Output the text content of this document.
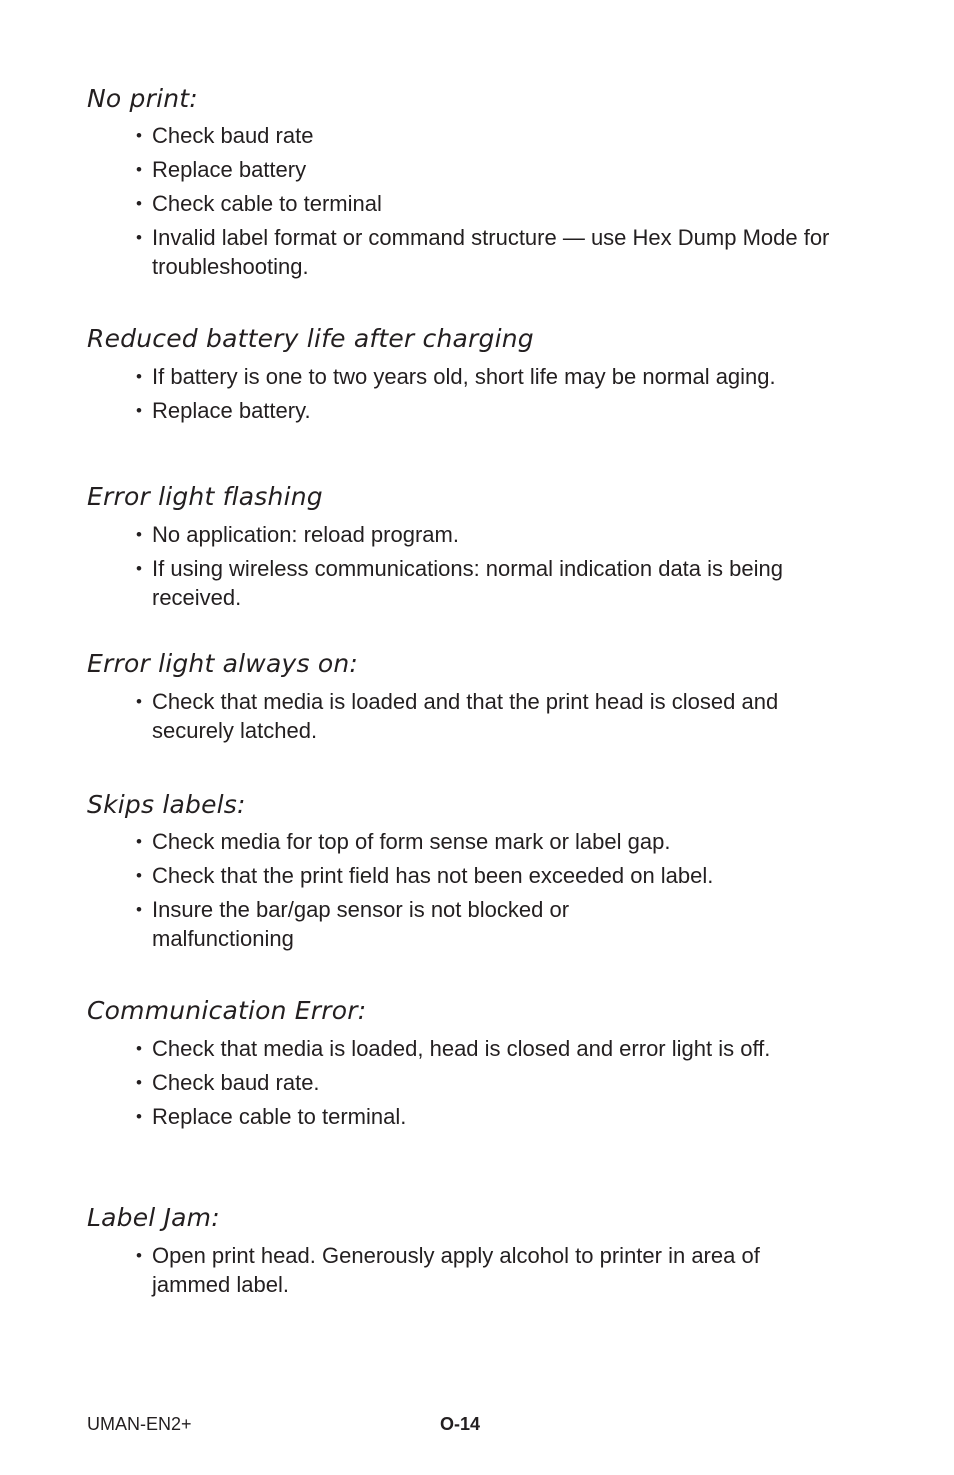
No print:
• Check baud rate
• Replace battery
• Check cable to terminal
• Invalid label format or command structure — use Hex Dump Mode for troubleshooting.
Reduced battery life after charging
• If battery is one to two years old, short life may be normal aging.
• Replace battery.
Error light flashing
• No application: reload program.
• If using wireless communications: normal indication data is being received.
Error light always on:
• Check that media is loaded and that the print head is closed and securely latched.
Skips labels:
• Check media for top of form sense mark or label gap.
• Check that the print field has not been exceeded on label.
• Insure the bar/gap sensor is not blocked or malfunctioning
Communication Error:
• Check that media is loaded, head is closed and error light is off.
• Check baud rate.
• Replace cable to terminal.
Label Jam:
• Open print head. Generously apply alcohol to printer in area of jammed label.
UMAN-EN2+	O-14
